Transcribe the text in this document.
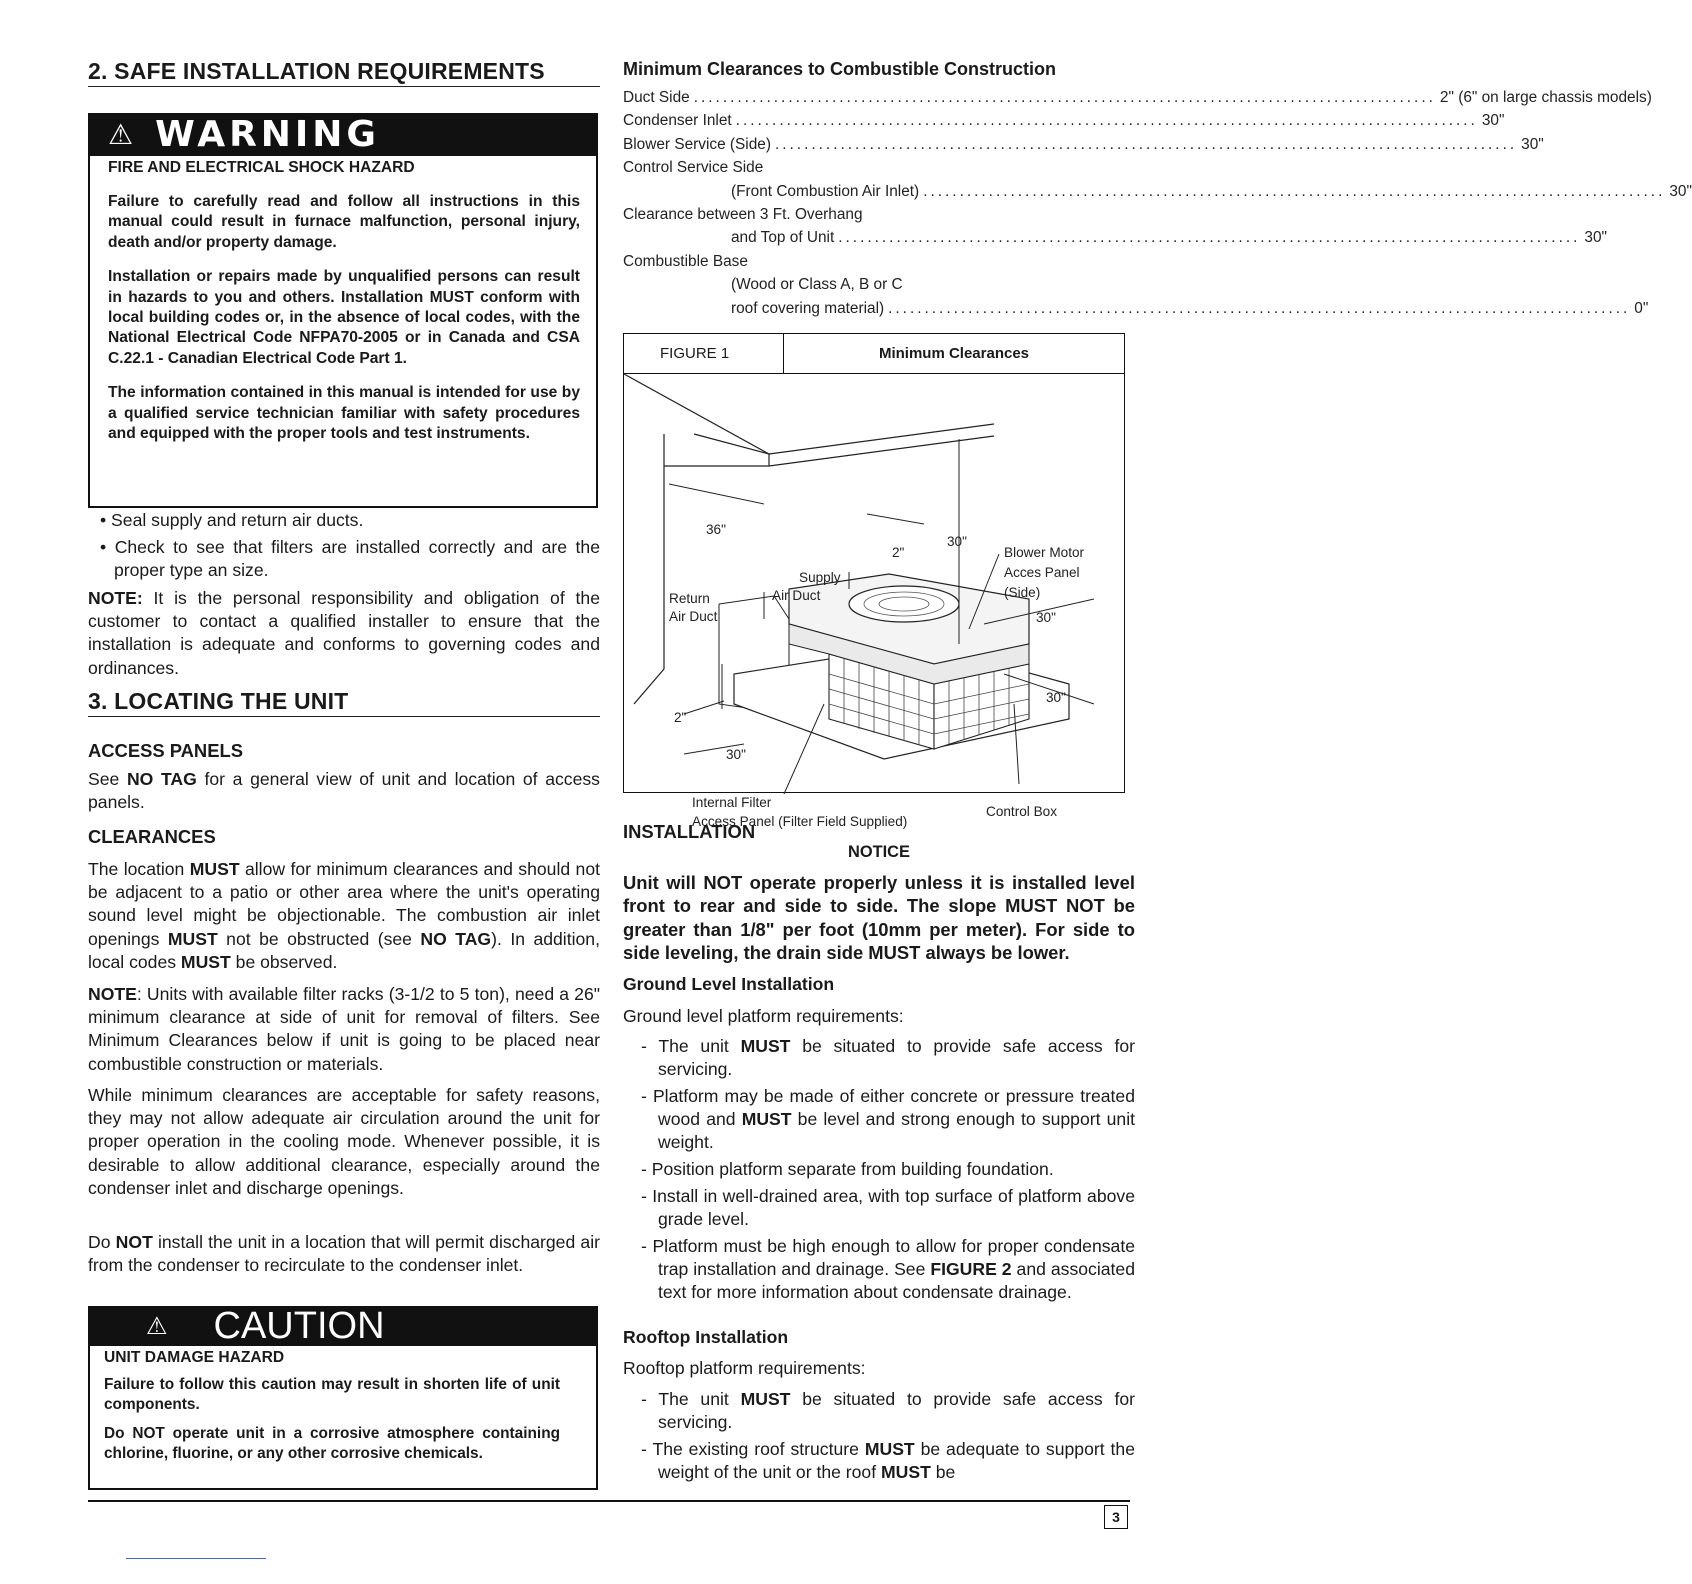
2. SAFE INSTALLATION REQUIREMENTS
⚠ WARNING
FIRE AND ELECTRICAL SHOCK HAZARD

Failure to carefully read and follow all instructions in this manual could result in furnace malfunction, personal injury, death and/or property damage.

Installation or repairs made by unqualified persons can result in hazards to you and others. Installation MUST conform with local building codes or, in the absence of local codes, with the National Electrical Code NFPA70-2005 or in Canada and CSA C.22.1 - Canadian Electrical Code Part 1.

The information contained in this manual is intended for use by a qualified service technician familiar with safety procedures and equipped with the proper tools and test instruments.

• Seal supply and return air ducts.

• Check to see that filters are installed correctly and are the proper type an size.

NOTE: It is the personal responsibility and obligation of the customer to contact a qualified installer to ensure that the installation is adequate and conforms to governing codes and ordinances.

3. LOCATING THE UNIT
ACCESS PANELS

See NO TAG for a general view of unit and location of access panels.

CLEARANCES

The location MUST allow for minimum clearances and should not be adjacent to a patio or other area where the unit's operating sound level might be objectionable. The combustion air inlet openings MUST not be obstructed (see NO TAG). In addition, local codes MUST be observed.

NOTE: Units with available filter racks (3-1/2 to 5 ton), need a 26" minimum clearance at side of unit for removal of filters. See Minimum Clearances below if unit is going to be placed near combustible construction or materials.

While minimum clearances are acceptable for safety reasons, they may not allow adequate air circulation around the unit for proper operation in the cooling mode. Whenever possible, it is desirable to allow additional clearance, especially around the condenser inlet and discharge openings.

Do NOT install the unit in a location that will permit discharged air from the condenser to recirculate to the condenser inlet.

⚠ CAUTION
UNIT DAMAGE HAZARD

Failure to follow this caution may result in shorten life of unit components.

Do NOT operate unit in a corrosive atmosphere containing chlorine, fluorine, or any other corrosive chemicals.

Minimum Clearances to Combustible Construction
Duct Side .....	2" (6" on large chassis models)
Condenser Inlet .....	30"
Blower Service (Side) .....	30"
Control Service Side
(Front Combustion Air Inlet) .....	30"
Clearance between 3 Ft. Overhang
and Top of Unit .....	30"
Combustible Base
(Wood or Class A, B or C
roof covering material) .....	0"
FIGURE 1	Minimum Clearances
36"
2"
30"
Blower Motor
Acces Panel
(Side)
Supply
Air Duct
Return
Air Duct	30"
30"
2"
30"
Internal Filter
Access Panel (Filter Field Supplied)
Control Box
INSTALLATION
NOTICE

Unit will NOT operate properly unless it is installed level front to rear and side to side. The slope MUST NOT be greater than 1/8" per foot (10mm per meter). For side to side leveling, the drain side MUST always be lower.

Ground Level Installation

Ground level platform requirements:

- The unit MUST be situated to provide safe access for servicing.

- Platform may be made of either concrete or pressure treated wood and MUST be level and strong enough to support unit weight.

- Position platform separate from building foundation.

- Install in well-drained area, with top surface of platform above grade level.

- Platform must be high enough to allow for proper condensate trap installation and drainage. See FIGURE 2 and associated text for more information about condensate drainage.

Rooftop Installation

Rooftop platform requirements:

- The unit MUST be situated to provide safe access for servicing.

- The existing roof structure MUST be adequate to support the weight of the unit or the roof MUST be

3
